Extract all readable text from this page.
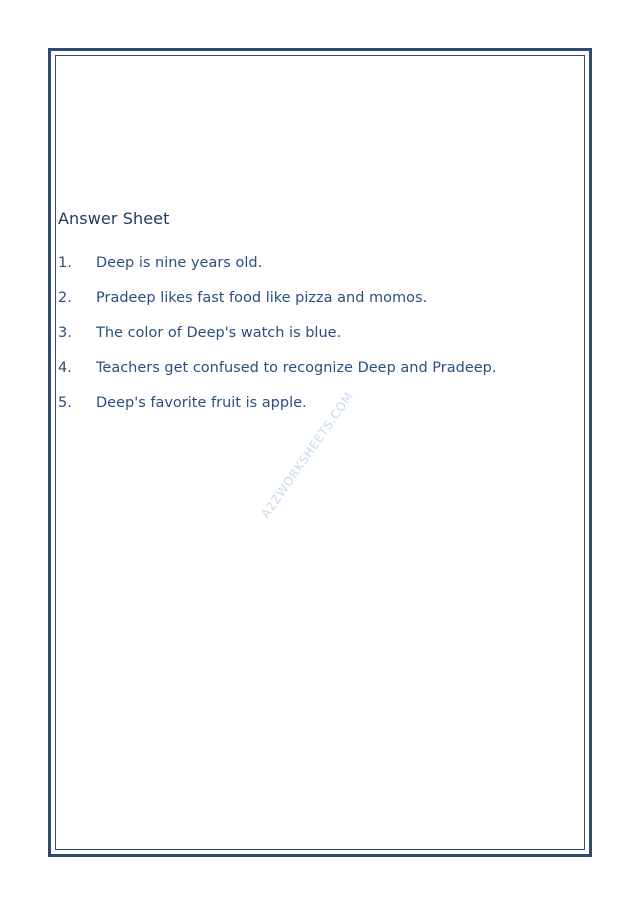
Answer Sheet
1.	Deep is nine years old.
2.	Pradeep likes fast food like pizza and momos.
3.	The color of Deep's watch is blue.
4.	Teachers get confused to recognize Deep and Pradeep.
5.	Deep's favorite fruit is apple.
A2ZWORKSHEETS.COM
